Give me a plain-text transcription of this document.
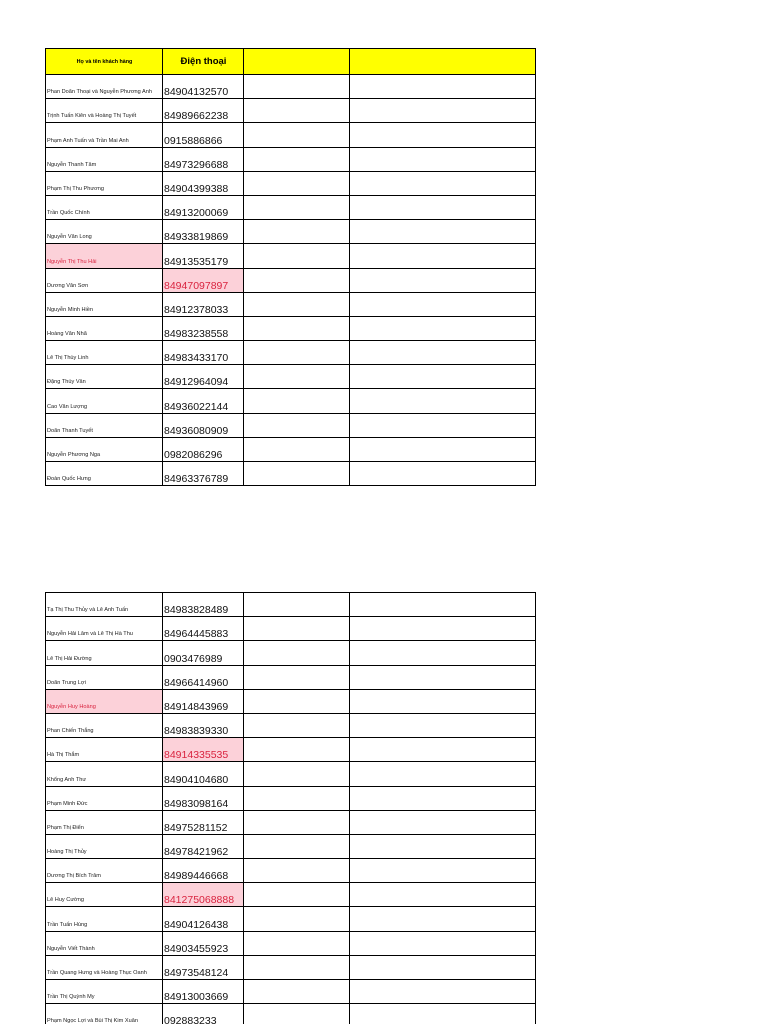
Họ và tên khách hàng	Điện thoại		
Phan Doãn Thoại và Nguyễn Phương Anh	84904132570		
Trịnh Tuấn Kiên và Hoàng Thị Tuyết	84989662238		
Phạm Anh Tuấn và Trần Mai Anh	0915886866		
Nguyễn Thanh Tâm	84973296688		
Phạm Thị Thu Phương	84904399388		
Trần Quốc Chính	84913200069		
Nguyễn Văn Long	84933819869		
Nguyễn Thị Thu Hải	84913535179		
Dương Văn Sơn	84947097897		
Nguyễn Minh Hiền	84912378033		
Hoàng Văn Nhã	84983238558		
Lê Thị Thùy Linh	84983433170		
Đặng Thúy Vân	84912964094		
Cao Văn Lượng	84936022144		
Doãn Thanh Tuyết	84936080909		
Nguyễn Phương Nga	0982086296		
Đoàn Quốc Hưng	84963376789		
Tạ Thị Thu Thủy và Lê Anh Tuấn	84983828489		
Nguyễn Hải Lâm và Lê Thị Hà Thu	84964445883		
Lê Thị Hải Đường	0903476989		
Doãn Trung Lợi	84966414960		
Nguyễn Huy Hoàng	84914843969		
Phan Chiến Thắng	84983839330		
Hà Thị Thắm	84914335535		
Khổng Anh Thư	84904104680		
Phạm Minh Đức	84983098164		
Phạm Thị Điển	84975281152		
Hoàng Thị Thủy	84978421962		
Dương Thị Bích Trâm	84989446668		
Lê Huy Cường	841275068888		
Trần Tuấn Hùng	84904126438		
Nguyễn Viết Thành	84903455923		
Trần Quang Hưng và Hoàng Thục Oanh	84973548124		
Trần Thị Quỳnh My	84913003669		
Phạm Ngọc Lợi và Bùi Thị Kim Xuân	092883233		
